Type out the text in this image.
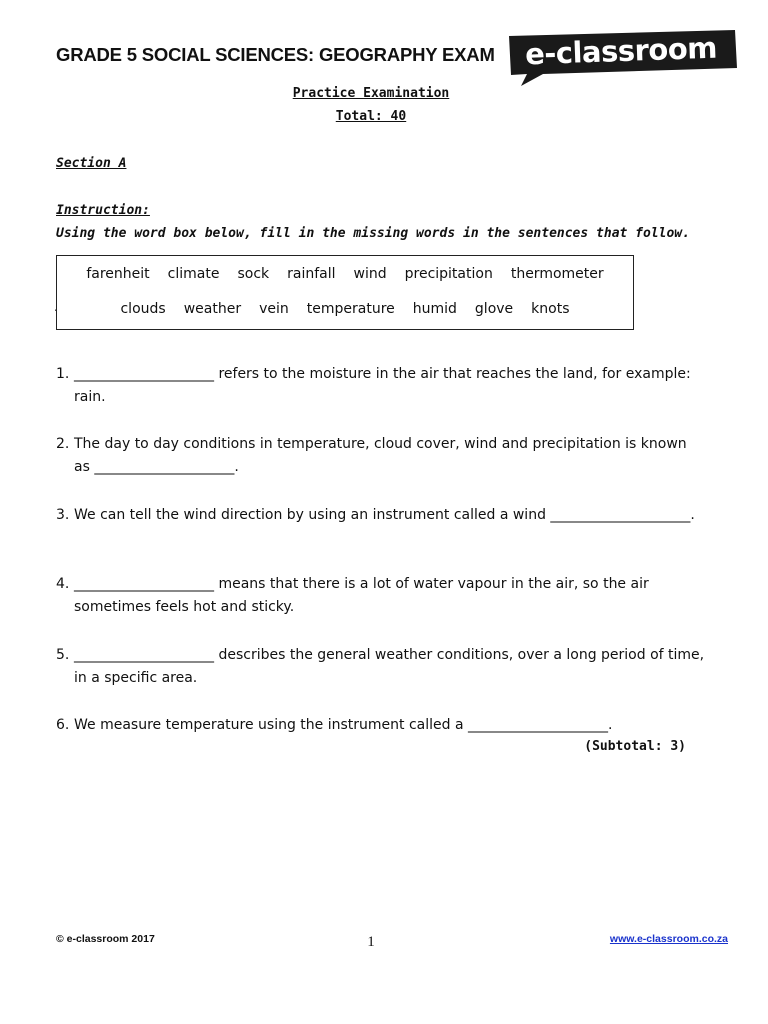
GRADE 5 SOCIAL SCIENCES: GEOGRAPHY EXAM	e-classroom
Practice Examination
Total: 40
Section A
Instruction:
Using the word box below, fill in the missing words in the sentences that follow.
.
farenheit climate sock rainfall wind precipitation thermometer
clouds weather vein temperature humid glove knots
1. ____________________ refers to the moisture in the air that reaches the land, for example: rain.
2. The day to day conditions in temperature, cloud cover, wind and precipitation is known as ____________________.
3. We can tell the wind direction by using an instrument called a wind ____________________.
4. ____________________ means that there is a lot of water vapour in the air, so the air sometimes feels hot and sticky.
5. ____________________ describes the general weather conditions, over a long period of time, in a specific area.
6. We measure temperature using the instrument called a ____________________.
(Subtotal: 3)
© e-classroom 2017	1	www.e-classroom.co.za
